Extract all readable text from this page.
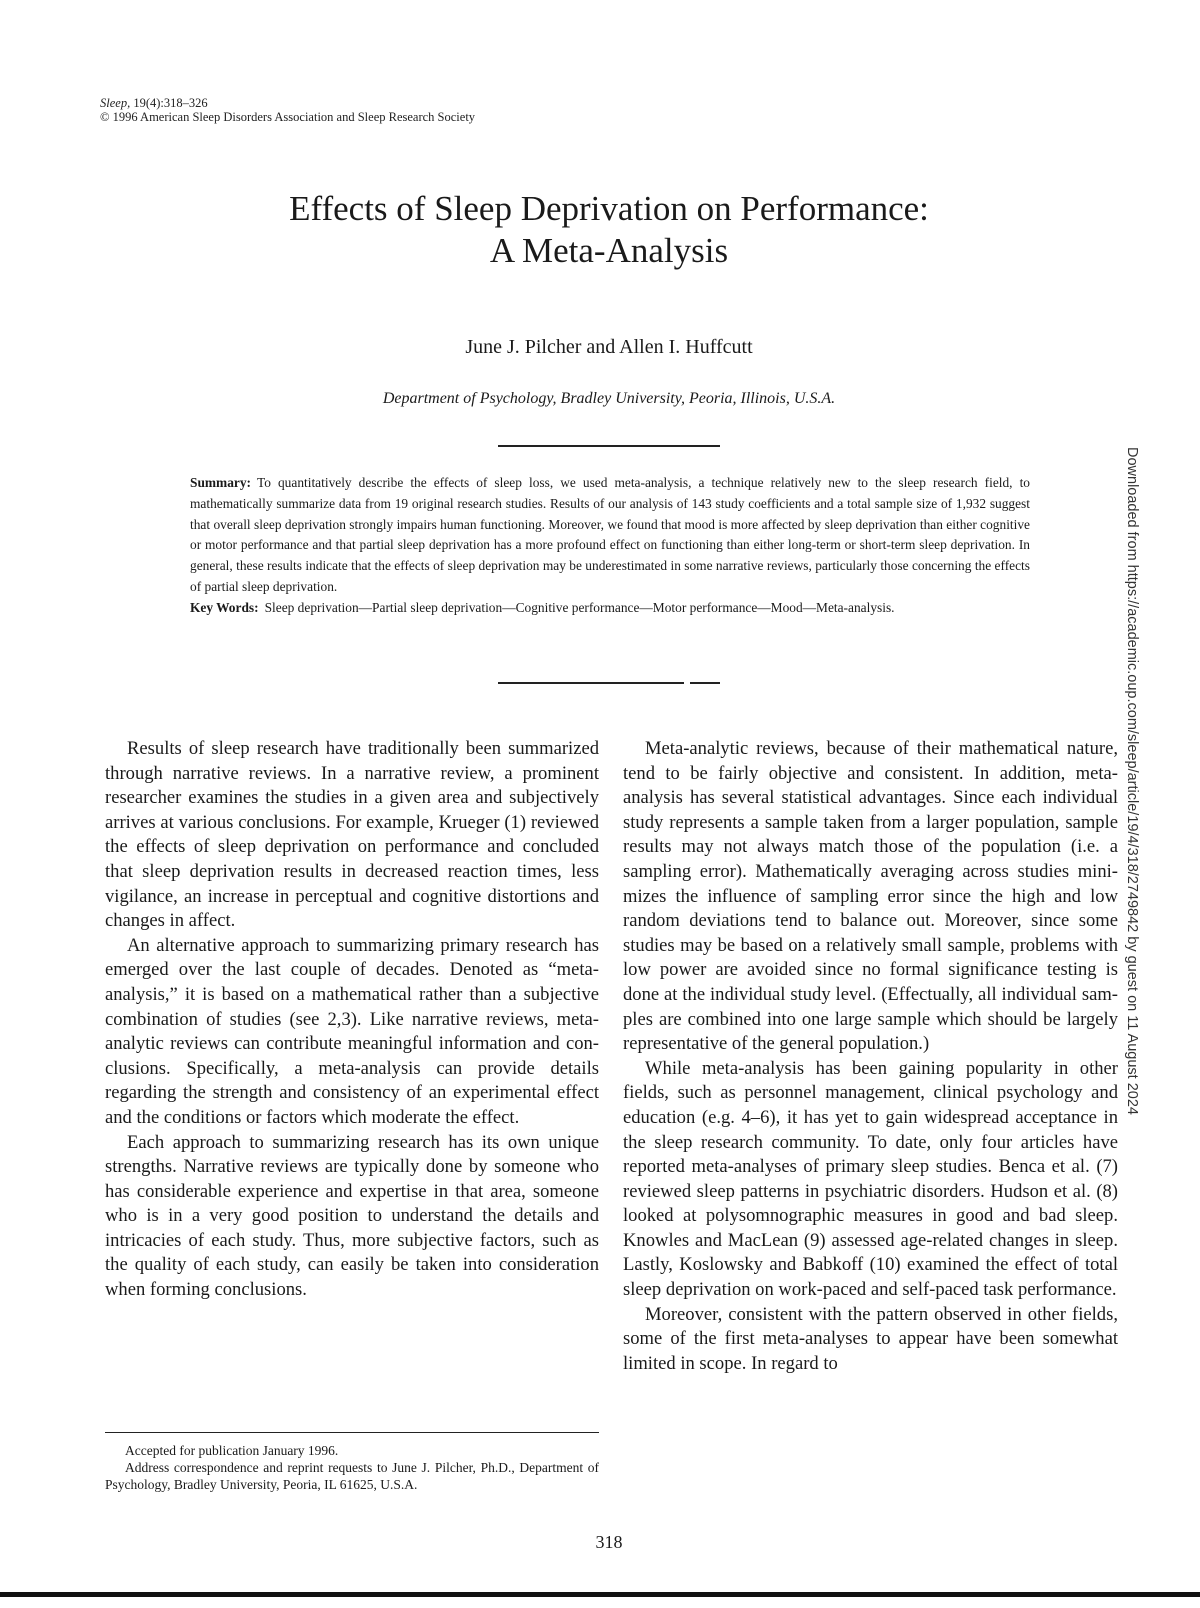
Sleep, 19(4):318–326
© 1996 American Sleep Disorders Association and Sleep Research Society
Effects of Sleep Deprivation on Performance:
A Meta-Analysis
June J. Pilcher and Allen I. Huffcutt
Department of Psychology, Bradley University, Peoria, Illinois, U.S.A.

Summary: To quantitatively describe the effects of sleep loss, we used meta-analysis, a technique relatively new to the sleep research field, to mathematically summarize data from 19 original research studies. Results of our analysis of 143 study coefficients and a total sample size of 1,932 suggest that overall sleep deprivation strongly impairs human functioning. Moreover, we found that mood is more affected by sleep deprivation than either cognitive or motor performance and that partial sleep deprivation has a more profound effect on functioning than either long-term or short-term sleep deprivation. In general, these results indicate that the effects of sleep deprivation may be underestimated in some narrative reviews, particularly those concerning the effects of partial sleep deprivation.
Key Words: Sleep deprivation—Partial sleep deprivation—Cognitive performance—Motor performance—Mood—Meta-analysis.

Results of sleep research have traditionally been summarized through narrative reviews. In a narrative review, a prominent researcher examines the studies in a given area and subjectively arrives at various conclusions. For example, Krueger (1) reviewed the effects of sleep deprivation on performance and concluded that sleep deprivation results in decreased reaction times, less vigilance, an increase in perceptual and cognitive distortions and changes in affect.

An alternative approach to summarizing primary research has emerged over the last couple of decades. Denoted as “meta-analysis,” it is based on a mathematical rather than a subjective combination of studies (see 2,3). Like narrative reviews, meta-analytic reviews can contribute meaningful information and conclusions. Specifically, a meta-analysis can provide details regarding the strength and consistency of an experimental effect and the conditions or factors which moderate the effect.

Each approach to summarizing research has its own unique strengths. Narrative reviews are typically done by someone who has considerable experience and expertise in that area, someone who is in a very good position to understand the details and intricacies of each study. Thus, more subjective factors, such as the quality of each study, can easily be taken into consideration when forming conclusions.

Meta-analytic reviews, because of their mathematical nature, tend to be fairly objective and consistent. In addition, meta-analysis has several statistical advantages. Since each individual study represents a sample taken from a larger population, sample results may not always match those of the population (i.e. a sampling error). Mathematically averaging across studies minimizes the influence of sampling error since the high and low random deviations tend to balance out. Moreover, since some studies may be based on a relatively small sample, problems with low power are avoided since no formal significance testing is done at the individual study level. (Effectually, all individual samples are combined into one large sample which should be largely representative of the general population.)

While meta-analysis has been gaining popularity in other fields, such as personnel management, clinical psychology and education (e.g. 4–6), it has yet to gain widespread acceptance in the sleep research community. To date, only four articles have reported meta-analyses of primary sleep studies. Benca et al. (7) reviewed sleep patterns in psychiatric disorders. Hudson et al. (8) looked at polysomnographic measures in good and bad sleep. Knowles and MacLean (9) assessed age-related changes in sleep. Lastly, Koslowsky and Babkoff (10) examined the effect of total sleep deprivation on work-paced and self-paced task performance.

Moreover, consistent with the pattern observed in other fields, some of the first meta-analyses to appear have been somewhat limited in scope. In regard to

Accepted for publication January 1996.

Address correspondence and reprint requests to June J. Pilcher, Ph.D., Department of Psychology, Bradley University, Peoria, IL 61625, U.S.A.

318
Downloaded from https://academic.oup.com/sleep/article/19/4/318/2749842 by guest on 11 August 2024
